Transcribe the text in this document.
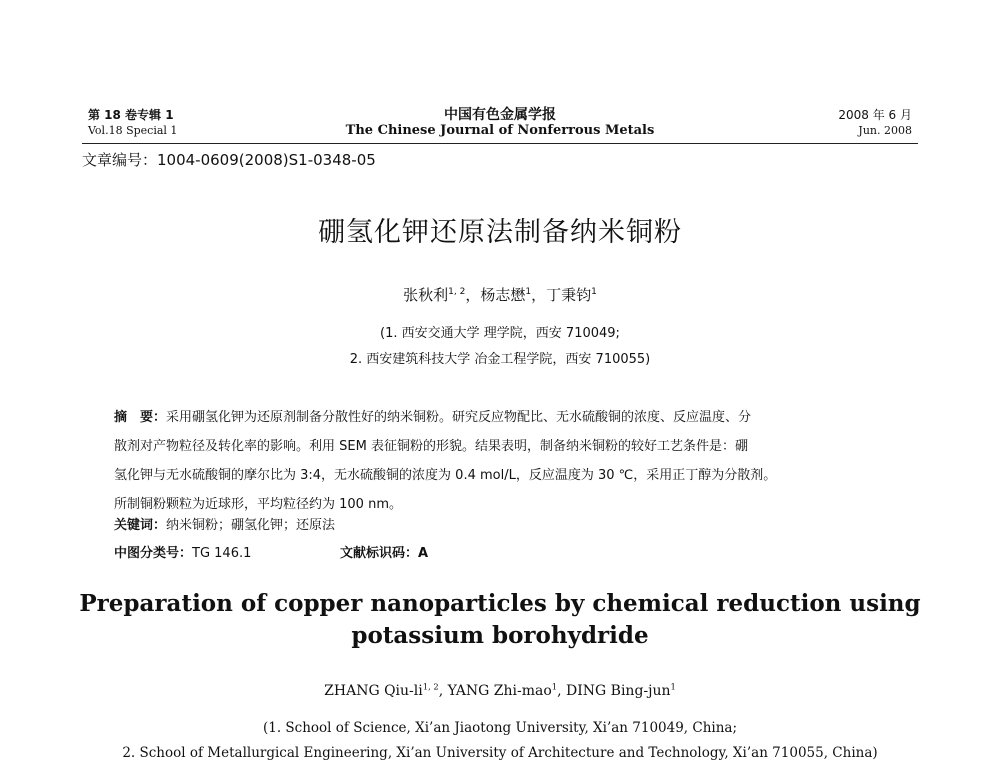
第 18 卷专辑 1
Vol.18 Special 1
中国有色金属学报
The Chinese Journal of Nonferrous Metals
2008 年 6 月
Jun. 2008
文章编号：1004-0609(2008)S1-0348-05
硼氢化钾还原法制备纳米铜粉
张秋利$^{1, 2}$，杨志懋$^1$，丁秉钧$^1$
(1. 西安交通大学 理学院，西安 710049;
2. 西安建筑科技大学 冶金工程学院，西安 710055)
摘　要：采用硼氢化钾为还原剂制备分散性好的纳米铜粉。研究反应物配比、无水硫酸铜的浓度、反应温度、分
散剂对产物粒径及转化率的影响。利用 SEM 表征铜粉的形貌。结果表明，制备纳米铜粉的较好工艺条件是：硼
氢化钾与无水硫酸铜的摩尔比为 3:4，无水硫酸铜的浓度为 0.4 mol/L，反应温度为 30 ℃，采用正丁醇为分散剂。
所制铜粉颗粒为近球形，平均粒径约为 100 nm。
关键词：纳米铜粉；硼氢化钾；还原法
中图分类号：TG 146.1	文献标识码：A
Preparation of copper nanoparticles by chemical reduction using
potassium borohydride
ZHANG Qiu-li$^{1, 2}$, YANG Zhi-mao$^1$, DING Bing-jun$^1$
(1. School of Science, Xi’an Jiaotong University, Xi’an 710049, China;
2. School of Metallurgical Engineering, Xi’an University of Architecture and Technology, Xi’an 710055, China)
